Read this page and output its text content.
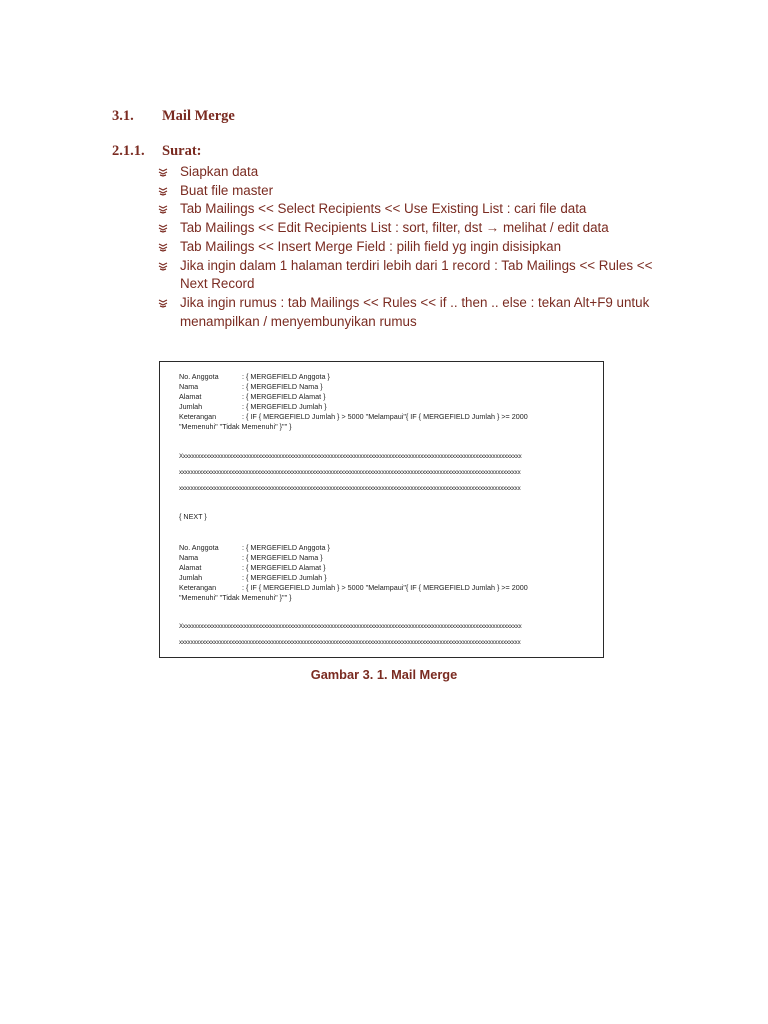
3.1. Mail Merge
2.1.1. Surat:
Siapkan data
Buat file master
Tab Mailings << Select Recipients << Use Existing List : cari file data
Tab Mailings << Edit Recipients List : sort, filter, dst → melihat / edit data
Tab Mailings << Insert Merge Field : pilih field yg ingin disisipkan
Jika ingin dalam 1 halaman terdiri lebih dari 1 record : Tab Mailings << Rules << Next Record
Jika ingin rumus : tab Mailings << Rules << if .. then .. else : tekan Alt+F9 untuk menampilkan / menyembunyikan rumus
No. Anggota	: { MERGEFIELD Anggota }
Nama	: { MERGEFIELD Nama }
Alamat	: { MERGEFIELD Alamat }
Jumlah	: { MERGEFIELD Jumlah }
Keterangan	: { IF { MERGEFIELD Jumlah } > 5000 "Melampaui"{ IF { MERGEFIELD Jumlah } >= 2000
"Memenuhi" "Tidak Memenuhi" }"" }
Xxxxxxxxxxxxxxxxxxxxxxxxxxxxxxxxxxxxxxxxxxxxxxxxxxxxxxxxxxxxxxxxxxxxxxxxxxxxxxxxxxxxxxxxxxxxxxxxxxxxxxxxxxxxxxxxxxxxxx
xxxxxxxxxxxxxxxxxxxxxxxxxxxxxxxxxxxxxxxxxxxxxxxxxxxxxxxxxxxxxxxxxxxxxxxxxxxxxxxxxxxxxxxxxxxxxxxxxxxxxxxxxxxxxxxxxxxxxx
xxxxxxxxxxxxxxxxxxxxxxxxxxxxxxxxxxxxxxxxxxxxxxxxxxxxxxxxxxxxxxxxxxxxxxxxxxxxxxxxxxxxxxxxxxxxxxxxxxxxxxxxxxxxxxxxxxxxxx
{ NEXT }
No. Anggota	: { MERGEFIELD Anggota }
Nama	: { MERGEFIELD Nama }
Alamat	: { MERGEFIELD Alamat }
Jumlah	: { MERGEFIELD Jumlah }
Keterangan	: { IF { MERGEFIELD Jumlah } > 5000 "Melampaui"{ IF { MERGEFIELD Jumlah } >= 2000
"Memenuhi" "Tidak Memenuhi" }"" }
Xxxxxxxxxxxxxxxxxxxxxxxxxxxxxxxxxxxxxxxxxxxxxxxxxxxxxxxxxxxxxxxxxxxxxxxxxxxxxxxxxxxxxxxxxxxxxxxxxxxxxxxxxxxxxxxxxxxxxx
xxxxxxxxxxxxxxxxxxxxxxxxxxxxxxxxxxxxxxxxxxxxxxxxxxxxxxxxxxxxxxxxxxxxxxxxxxxxxxxxxxxxxxxxxxxxxxxxxxxxxxxxxxxxxxxxxxxxxx
Gambar 3. 1. Mail Merge
